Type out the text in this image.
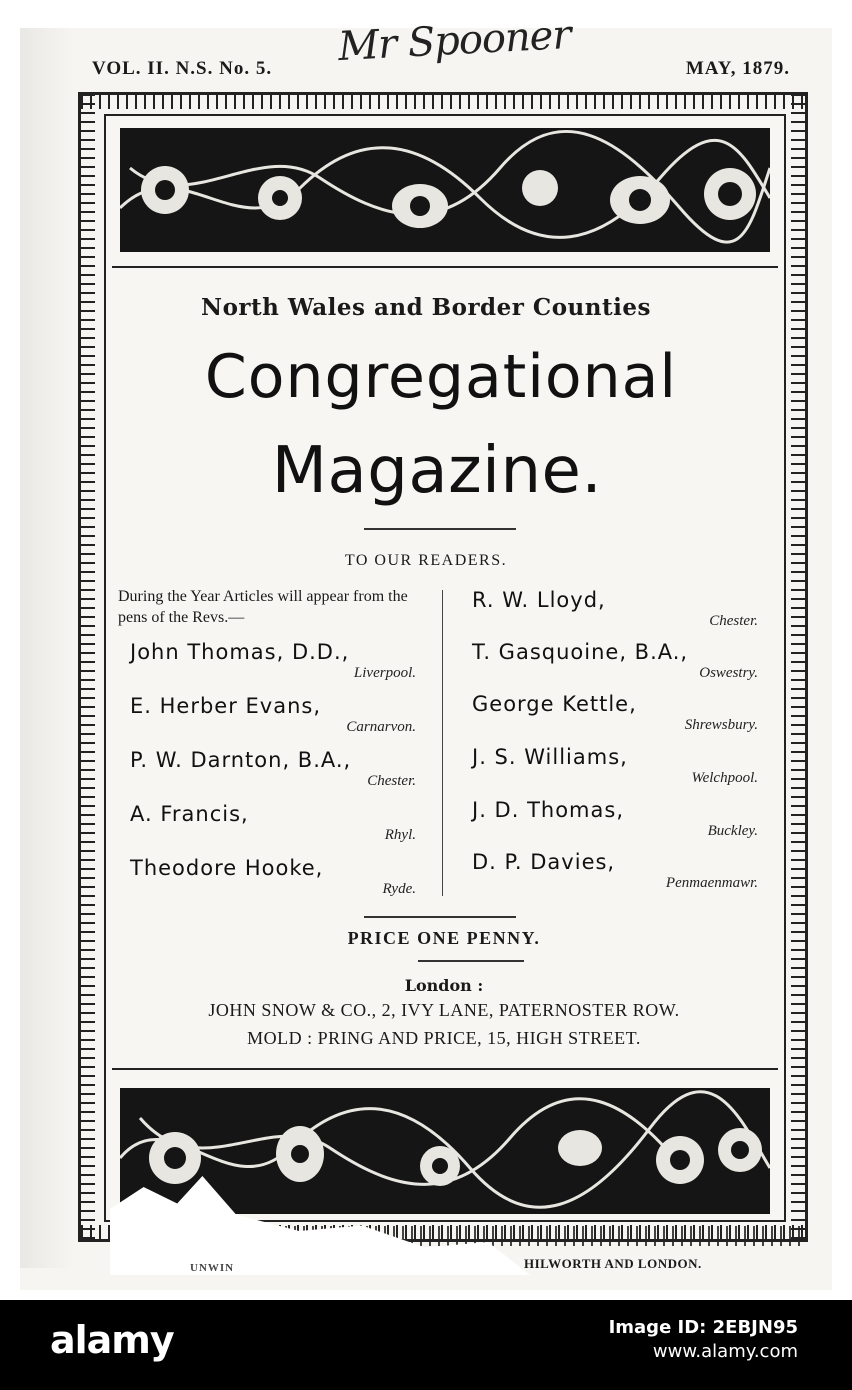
VOL. II. N.S. No. 5. Mr Spooner	MAY, 1879.
North Wales and Border Counties
Congregational
Magazine.
TO OUR READERS.
During the Year Articles will appear from the pens of the Revs.—
John Thomas, D.D.,
Liverpool.
E. Herber Evans,
Carnarvon.
P. W. Darnton, B.A.,
Chester.
A. Francis,
Rhyl.
Theodore Hooke,
Ryde.
R. W. Lloyd,
Chester.
T. Gasquoine, B.A.,
Oswestry.
George Kettle,
Shrewsbury.
J. S. Williams,
Welchpool.
J. D. Thomas,
Buckley.
D. P. Davies,
Penmaenmawr.
PRICE ONE PENNY.
London :
JOHN SNOW & CO., 2, IVY LANE, PATERNOSTER ROW.
MOLD : PRING AND PRICE, 15, HIGH STREET.
UNWIN	HILWORTH AND LONDON.
alamy	Image ID: 2EBJN95
www.alamy.com
